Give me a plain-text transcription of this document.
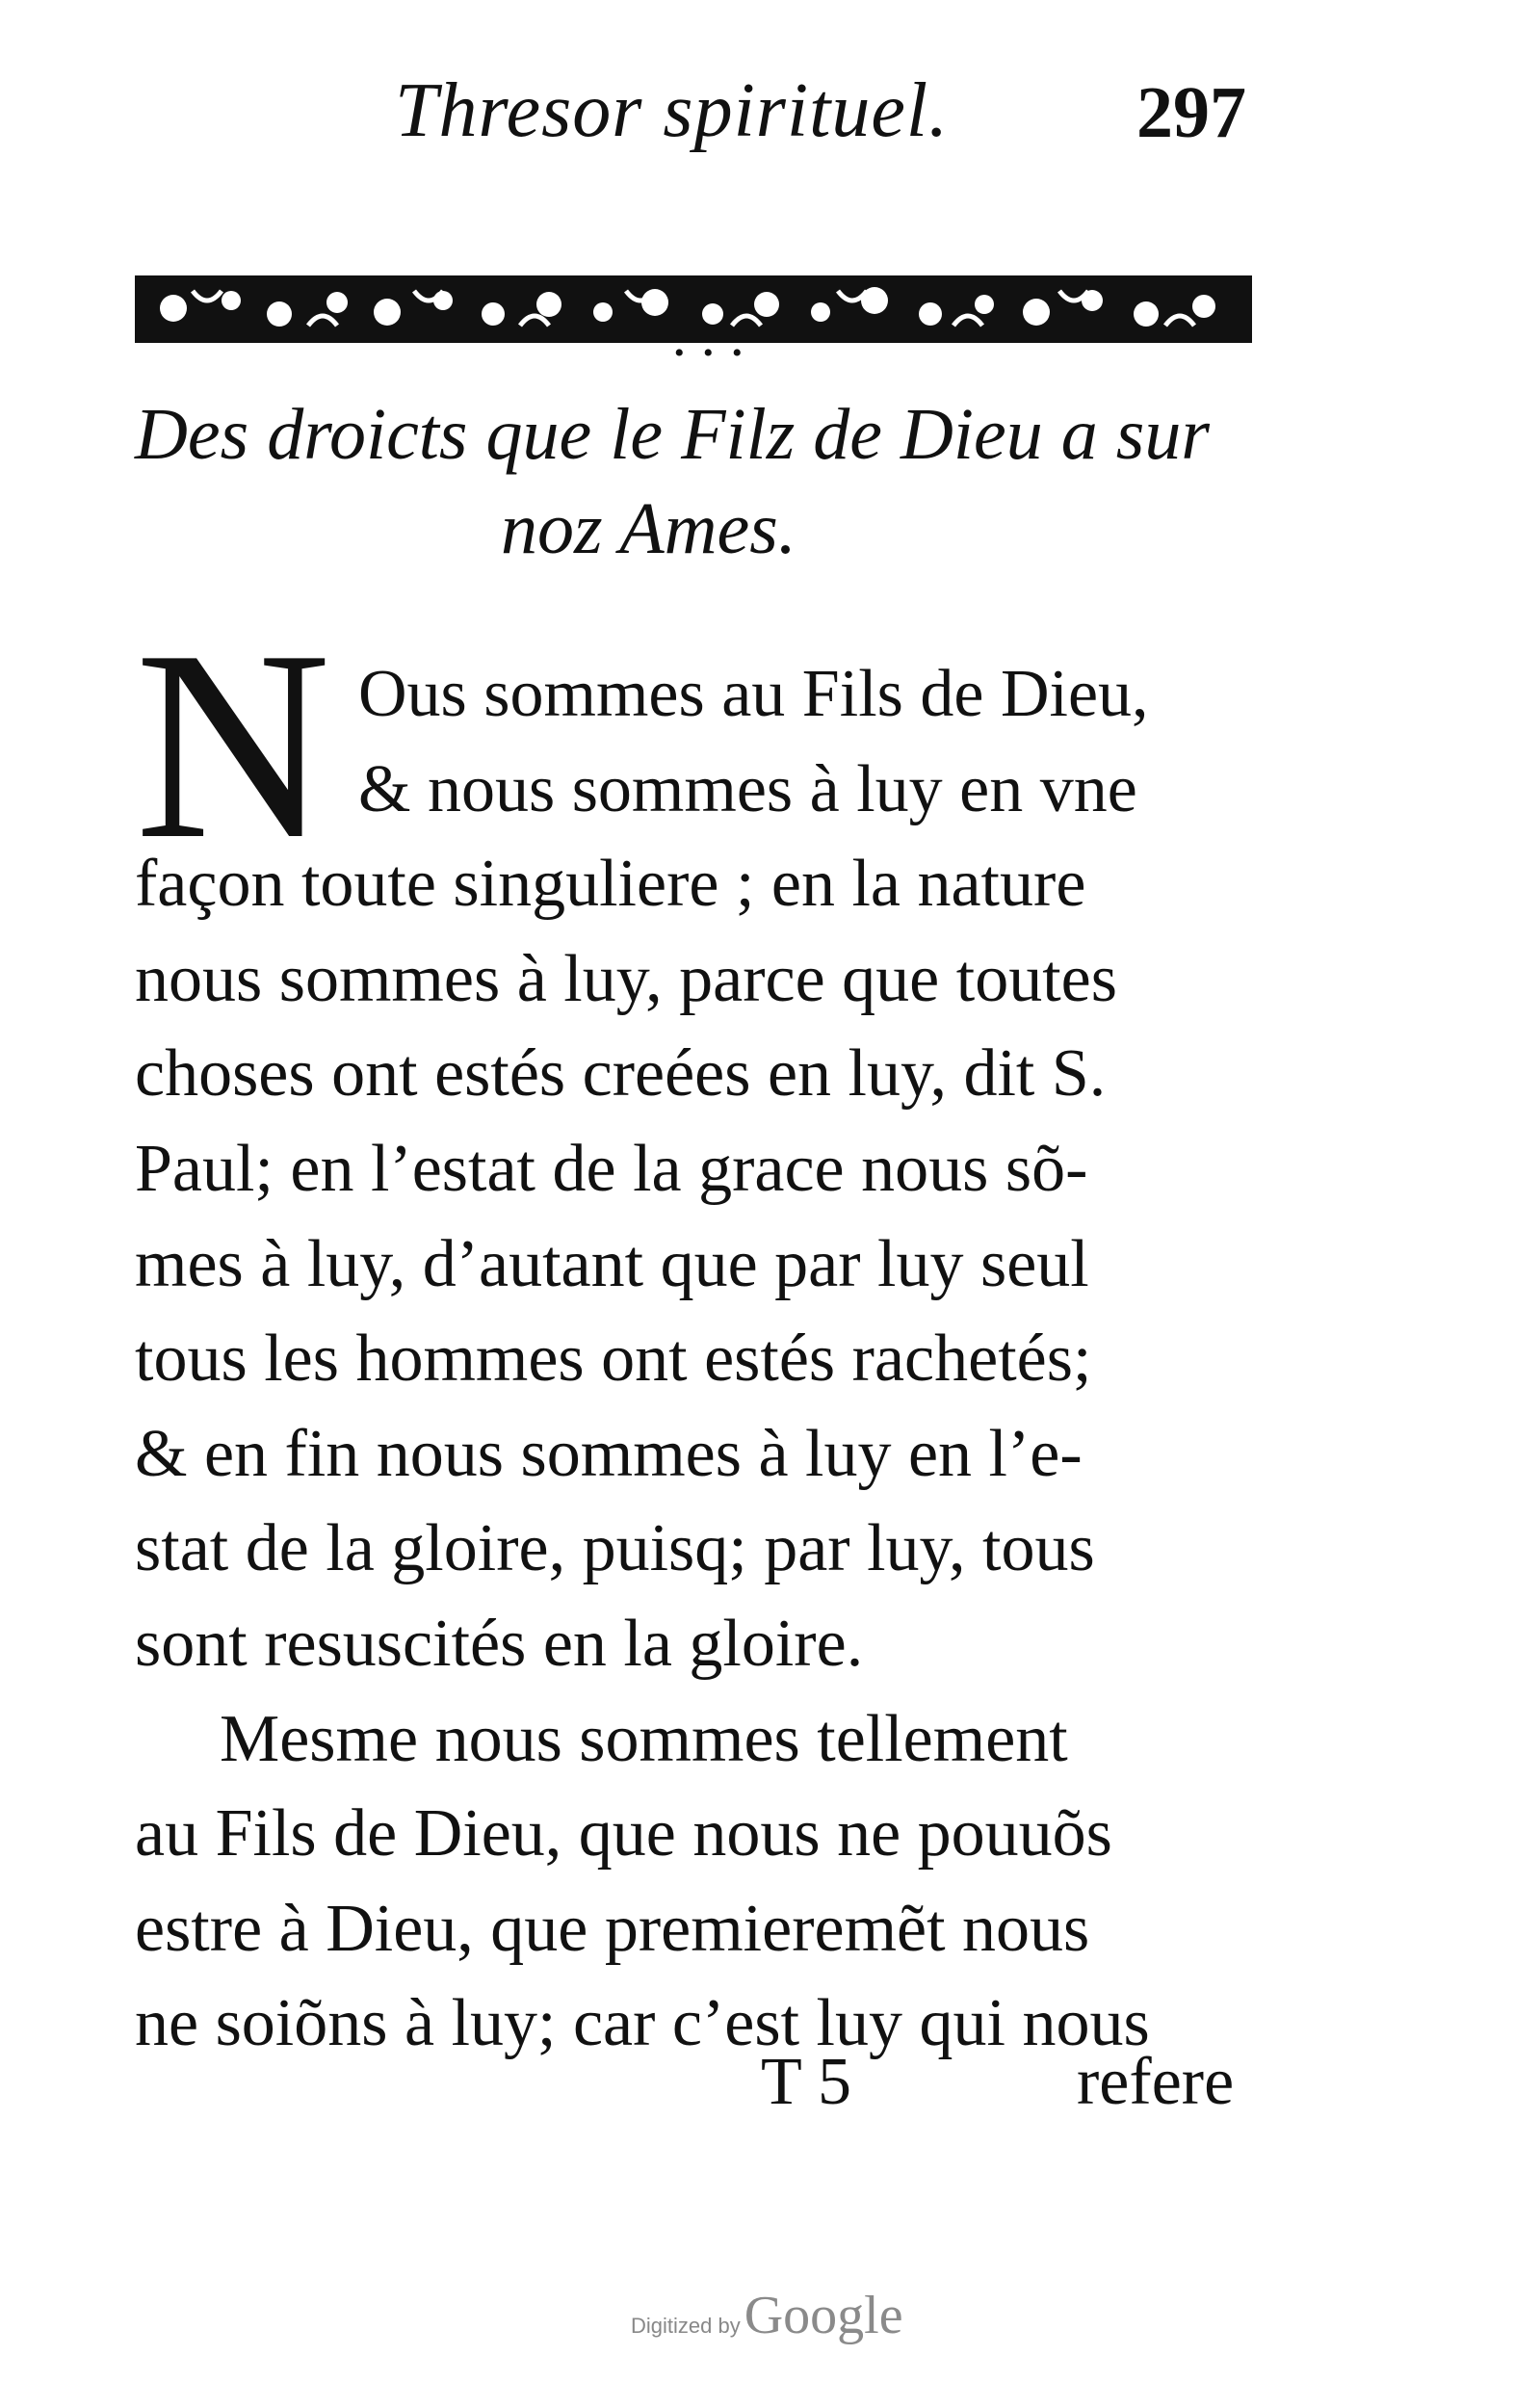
Thresor spirituel.	297
• • •
Des droicts que le Filz de Dieu a sur
noz Ames.
N Ous sommes au Fils de Dieu,
& nous sommes à luy en vne
façon toute singuliere ; en la nature
nous sommes à luy, parce que toutes
choses ont estés creées en luy, dit S.
Paul; en l’estat de la grace nous sõ-
mes à luy, d’autant que par luy seul
tous les hommes ont estés rachetés;
& en fin nous sommes à luy en l’e-
stat de la gloire, puisq; par luy, tous
sont resuscités en la gloire.
Mesme nous sommes tellement
au Fils de Dieu, que nous ne pouuõs
estre à Dieu, que premieremẽt nous
ne soiõns à luy; car c’est luy qui nous
T 5	refere
Digitized by Google
